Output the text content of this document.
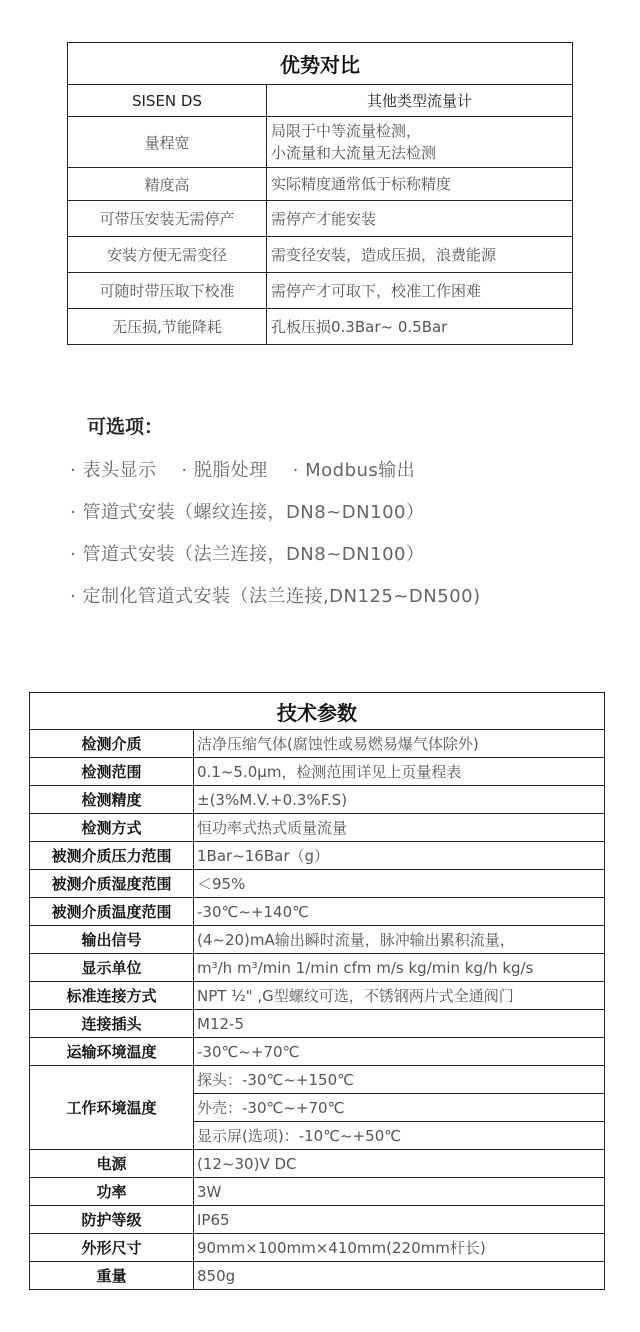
优势对比	
SISEN DS	其他类型流量计
量程宽	局限于中等流量检测，
小流量和大流量无法检测

精度高	实际精度通常低于标称精度
可带压安装无需停产	需停产才能安装
安装方便无需变径	需变径安装，造成压损，浪费能源
可随时带压取下校准	需停产才可取下，校准工作困难
无压损,节能降耗	孔板压损0.3Bar~ 0.5Bar
可选项：
· 表头显示    · 脱脂处理    · Modbus输出
· 管道式安装（螺纹连接，DN8~DN100）
· 管道式安装（法兰连接，DN8~DN100）
· 定制化管道式安装（法兰连接,DN125~DN500)
技术参数	
检测介质	洁净压缩气体(腐蚀性或易燃易爆气体除外)
检测范围	0.1~5.0μm，检测范围详见上页量程表
检测精度	±(3%M.V.+0.3%F.S)
检测方式	恒功率式热式质量流量
被测介质压力范围	1Bar~16Bar（g）
被测介质湿度范围	＜95%
被测介质温度范围	-30℃~+140℃
输出信号	(4~20)mA输出瞬时流量，脉冲输出累积流量，
显示单位	m³/h m³/min 1/min cfm m/s kg/min kg/h kg/s
标准连接方式	NPT ½" ,G型螺纹可选，不锈钢两片式全通阀门
连接插头	M12-5
运输环境温度	-30℃~+70℃
工作环境温度	探头：-30℃~+150℃
	外壳：-30℃~+70℃
	显示屏(选项)：-10℃~+50℃
电源	(12~30)V DC
功率	3W
防护等级	IP65
外形尺寸	90mm×100mm×410mm(220mm杆长)
重量	850g
